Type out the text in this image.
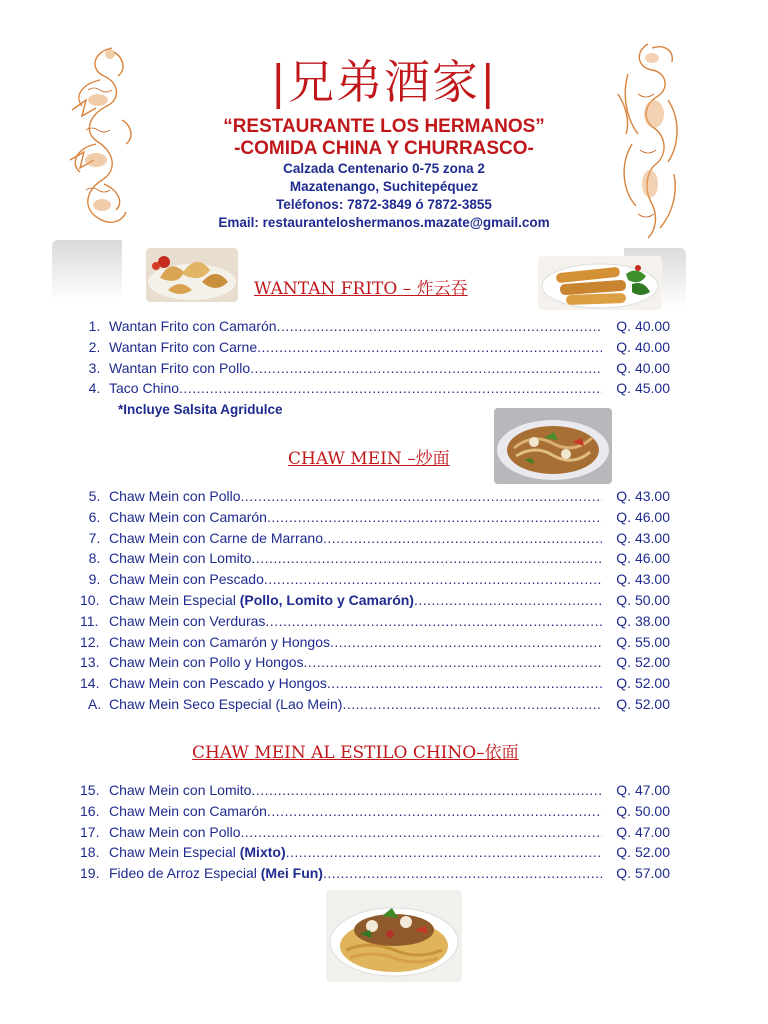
|兄弟酒家|
“RESTAURANTE LOS HERMANOS”
-COMIDA CHINA Y CHURRASCO-
Calzada Centenario 0-75 zona 2
Mazatenango, Suchitepéquez
Teléfonos: 7872-3849 ó 7872-3855
Email: restauranteloshermanos.mazate@gmail.com
WANTAN FRITO – 炸云吞
1. Wantan Frito con Camarón .....	Q. 40.00
2. Wantan Frito con Carne .....	Q. 40.00
3. Wantan Frito con Pollo .....	Q. 40.00
4. Taco Chino .....	Q. 45.00
*Incluye Salsita Agridulce
CHAW MEIN –炒面
5. Chaw Mein con Pollo .....	Q. 43.00
6. Chaw Mein con Camarón .....	Q. 46.00
7. Chaw Mein con Carne de Marrano .....	Q. 43.00
8. Chaw Mein con Lomito .....	Q. 46.00
9. Chaw Mein con Pescado .....	Q. 43.00
10. Chaw Mein Especial (Pollo, Lomito y Camarón) .....	Q. 50.00
11. Chaw Mein con Verduras .....	Q. 38.00
12. Chaw Mein con Camarón y Hongos .....	Q. 55.00
13. Chaw Mein con Pollo y Hongos .....	Q. 52.00
14. Chaw Mein con Pescado y Hongos .....	Q. 52.00
A. Chaw Mein Seco Especial (Lao Mein) .....	Q. 52.00
CHAW MEIN AL ESTILO CHINO–依面
15. Chaw Mein con Lomito .....	Q. 47.00
16. Chaw Mein con Camarón .....	Q. 50.00
17. Chaw Mein con Pollo .....	Q. 47.00
18. Chaw Mein Especial (Mixto) .....	Q. 52.00
19. Fideo de Arroz Especial (Mei Fun) .....	Q. 57.00
